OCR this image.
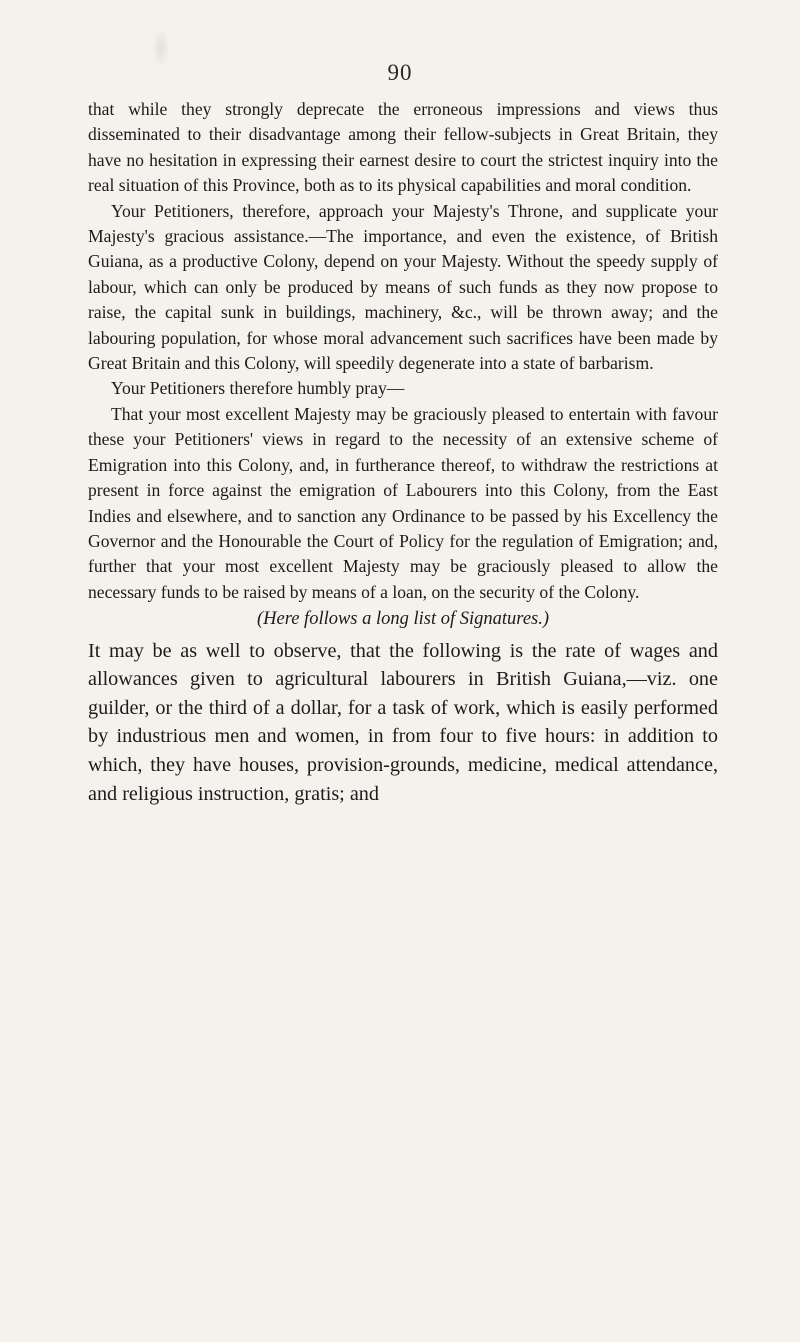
90

that while they strongly deprecate the erroneous impressions and views thus disseminated to their disadvantage among their fellow-subjects in Great Britain, they have no hesitation in expressing their earnest desire to court the strictest inquiry into the real situation of this Province, both as to its physical capabilities and moral condition.

Your Petitioners, therefore, approach your Majesty's Throne, and supplicate your Majesty's gracious assistance.—The importance, and even the existence, of British Guiana, as a productive Colony, depend on your Majesty. Without the speedy supply of labour, which can only be produced by means of such funds as they now propose to raise, the capital sunk in buildings, machinery, &c., will be thrown away; and the labouring population, for whose moral advancement such sacrifices have been made by Great Britain and this Colony, will speedily degenerate into a state of barbarism.

Your Petitioners therefore humbly pray—

That your most excellent Majesty may be graciously pleased to entertain with favour these your Petitioners' views in regard to the necessity of an extensive scheme of Emigration into this Colony, and, in furtherance thereof, to withdraw the restrictions at present in force against the emigration of Labourers into this Colony, from the East Indies and elsewhere, and to sanction any Ordinance to be passed by his Excellency the Governor and the Honourable the Court of Policy for the regulation of Emigration; and, further that your most excellent Majesty may be graciously pleased to allow the necessary funds to be raised by means of a loan, on the security of the Colony.

(Here follows a long list of Signatures.)

It may be as well to observe, that the following is the rate of wages and allowances given to agricultural labourers in British Guiana,—viz. one guilder, or the third of a dollar, for a task of work, which is easily performed by industrious men and women, in from four to five hours: in addition to which, they have houses, provision-grounds, medicine, medical attendance, and religious instruction, gratis; and
